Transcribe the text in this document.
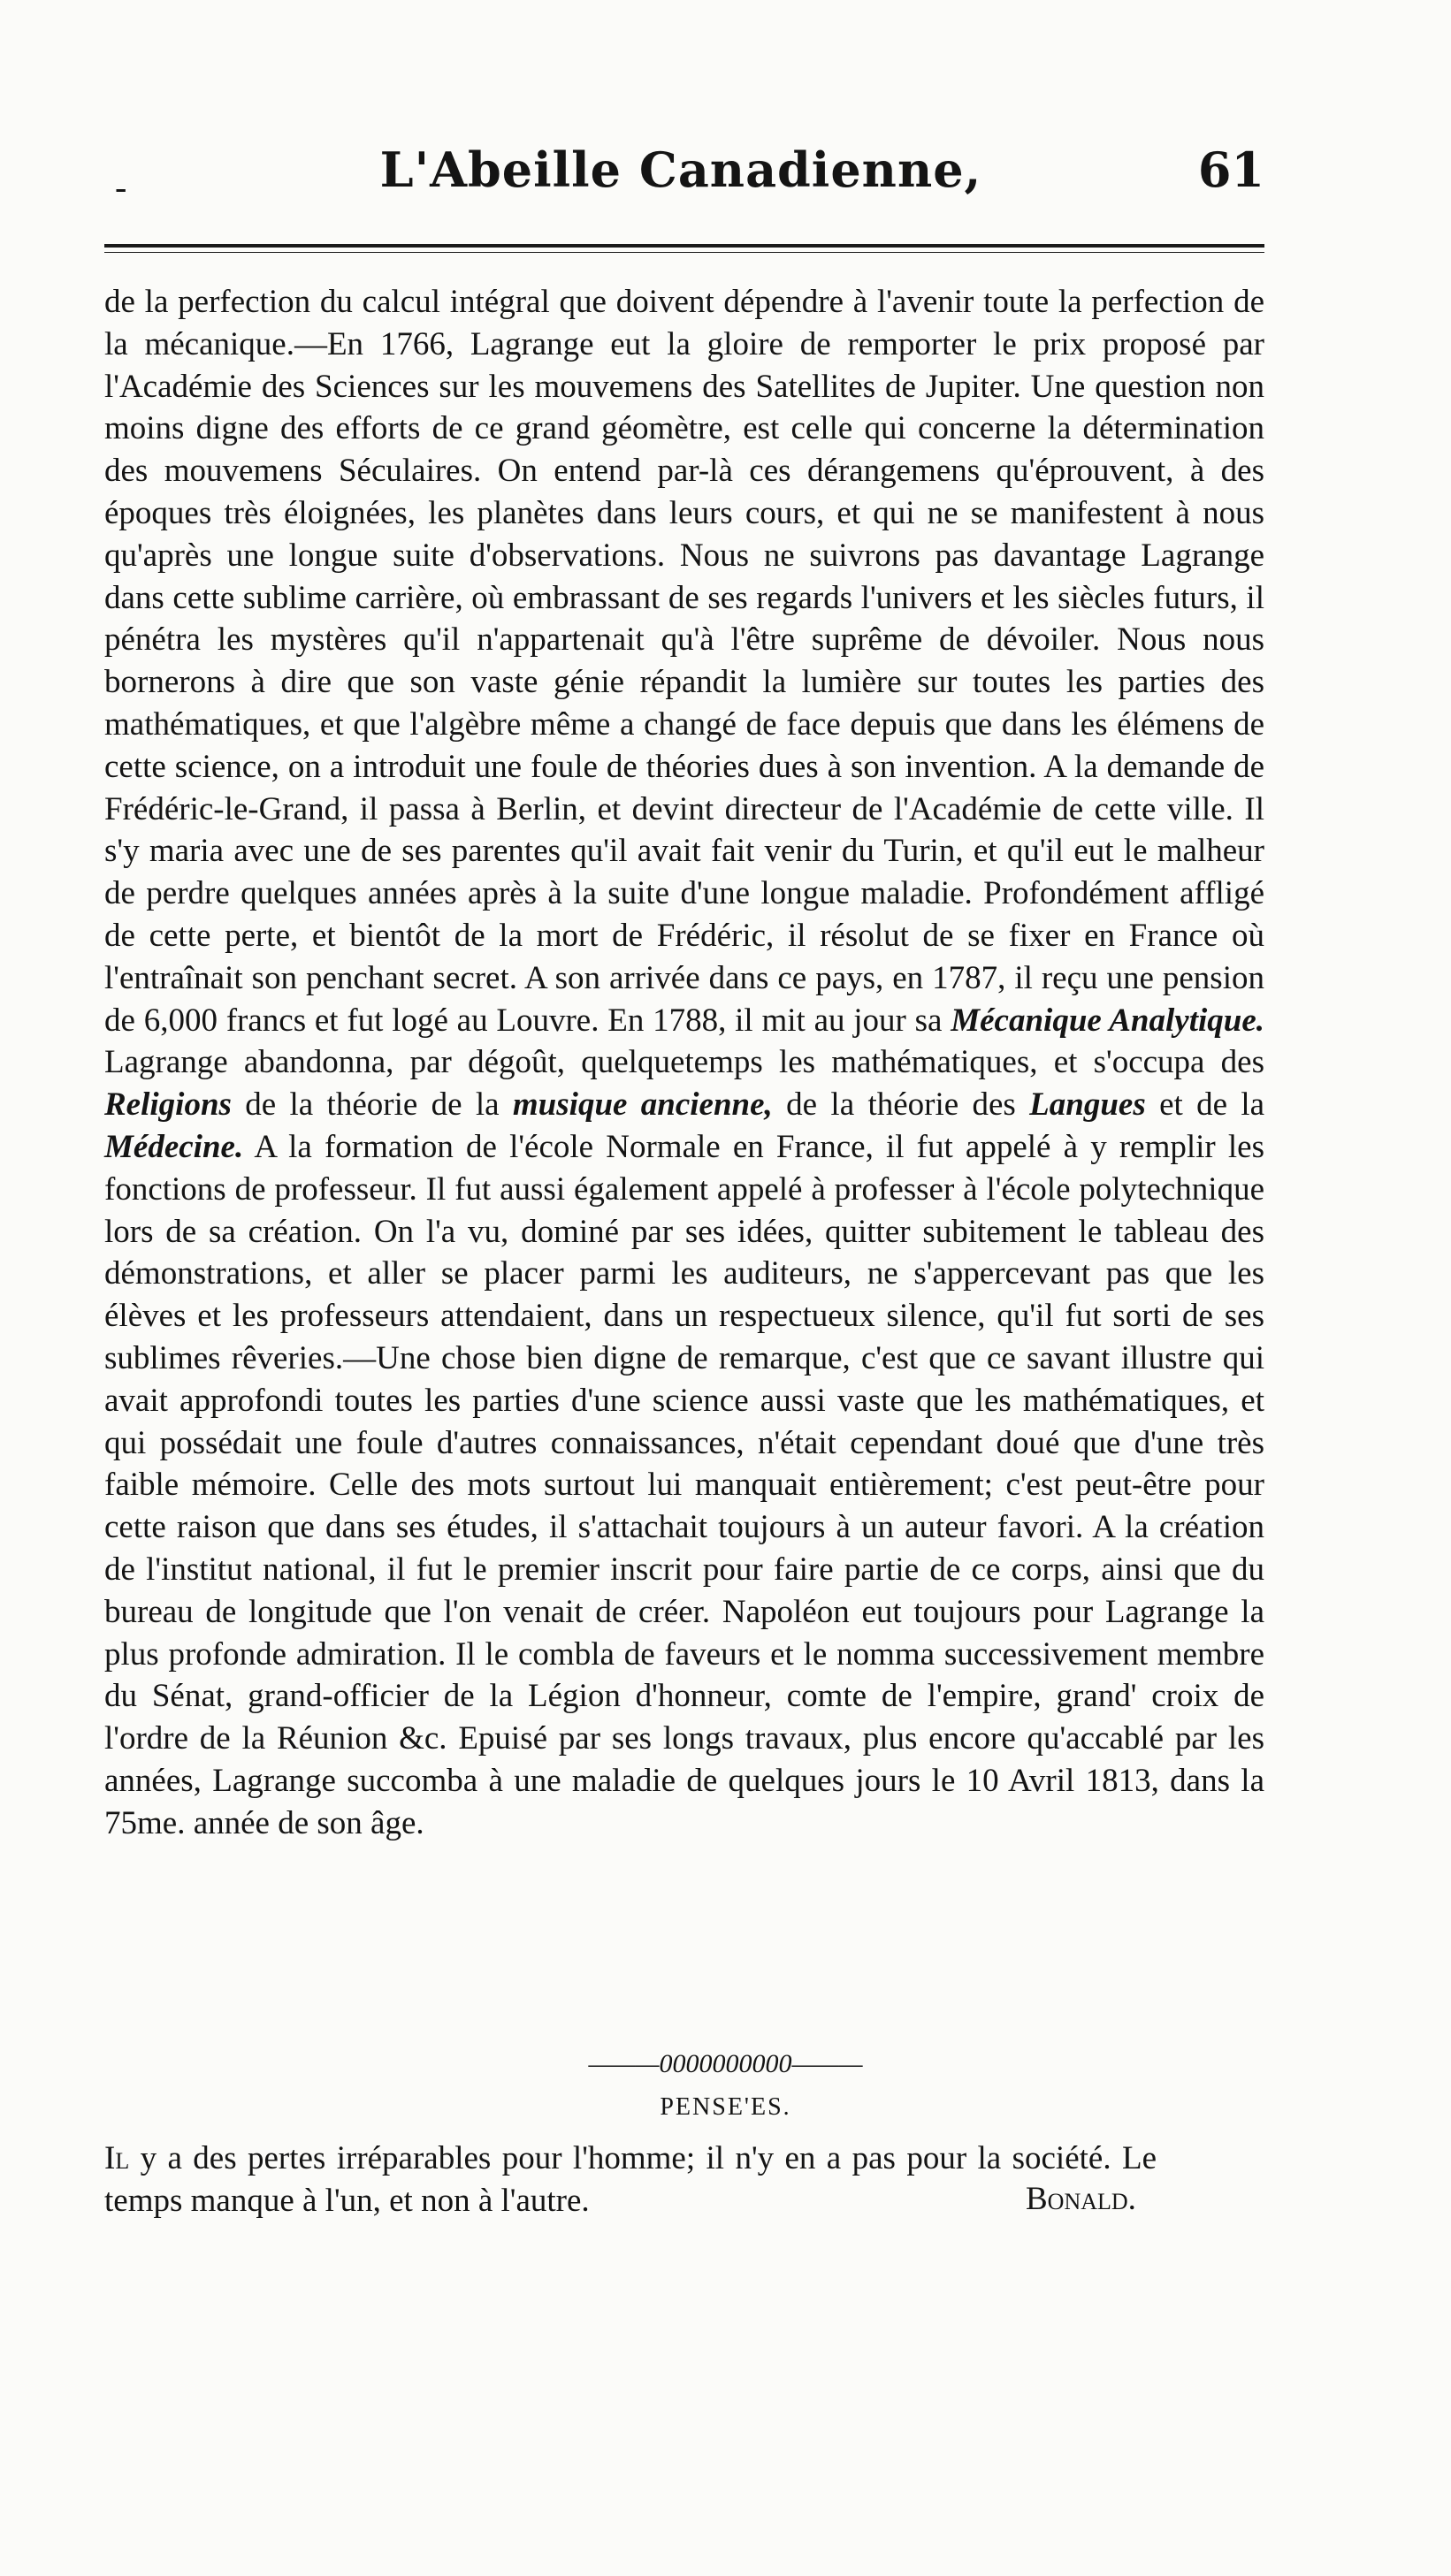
-	L'Abeille Canadienne,	61
de la perfection du calcul intégral que doivent dépendre à l'avenir toute la perfection de la mécanique.—En 1766, Lagrange eut la gloire de remporter le prix proposé par l'Académie des Sciences sur les mouvemens des Satellites de Jupiter. Une question non moins digne des efforts de ce grand géomètre, est celle qui concerne la détermination des mouvemens Séculaires. On entend par-là ces dérangemens qu'éprouvent, à des époques très éloignées, les planètes dans leurs cours, et qui ne se manifestent à nous qu'après une longue suite d'observations. Nous ne suivrons pas davantage Lagrange dans cette sublime carrière, où embrassant de ses regards l'univers et les siècles futurs, il pénétra les mystères qu'il n'appartenait qu'à l'être suprême de dévoiler. Nous nous bornerons à dire que son vaste génie répandit la lumière sur toutes les parties des mathématiques, et que l'algèbre même a changé de face depuis que dans les élémens de cette science, on a introduit une foule de théories dues à son invention. A la demande de Frédéric-le-Grand, il passa à Berlin, et devint directeur de l'Académie de cette ville. Il s'y maria avec une de ses parentes qu'il avait fait venir du Turin, et qu'il eut le malheur de perdre quelques années après à la suite d'une longue maladie. Profondément affligé de cette perte, et bientôt de la mort de Frédéric, il résolut de se fixer en France où l'entraînait son penchant secret. A son arrivée dans ce pays, en 1787, il reçu une pension de 6,000 francs et fut logé au Louvre. En 1788, il mit au jour sa Mécanique Analytique. Lagrange abandonna, par dégoût, quelquetemps les mathématiques, et s'occupa des Religions de la théorie de la musique ancienne, de la théorie des Langues et de la Médecine. A la formation de l'école Normale en France, il fut appelé à y remplir les fonctions de professeur. Il fut aussi également appelé à professer à l'école polytechnique lors de sa création. On l'a vu, dominé par ses idées, quitter subitement le tableau des démonstrations, et aller se placer parmi les auditeurs, ne s'appercevant pas que les élèves et les professeurs attendaient, dans un respectueux silence, qu'il fut sorti de ses sublimes rêveries.—Une chose bien digne de remarque, c'est que ce savant illustre qui avait approfondi toutes les parties d'une science aussi vaste que les mathématiques, et qui possédait une foule d'autres connaissances, n'était cependant doué que d'une très faible mémoire. Celle des mots surtout lui manquait entièrement; c'est peut-être pour cette raison que dans ses études, il s'attachait toujours à un auteur favori. A la création de l'institut national, il fut le premier inscrit pour faire partie de ce corps, ainsi que du bureau de longitude que l'on venait de créer. Napoléon eut toujours pour Lagrange la plus profonde admiration. Il le combla de faveurs et le nomma successivement membre du Sénat, grand-officier de la Légion d'honneur, comte de l'empire, grand' croix de l'ordre de la Réunion &c. Epuisé par ses longs travaux, plus encore qu'accablé par les années, Lagrange succomba à une maladie de quelques jours le 10 Avril 1813, dans la 75me. année de son âge.
———0000000000———
PENSE'ES.
Il y a des pertes irréparables pour l'homme; il n'y en a pas pour la société. Le temps manque à l'un, et non à l'autre.	Bonald.
